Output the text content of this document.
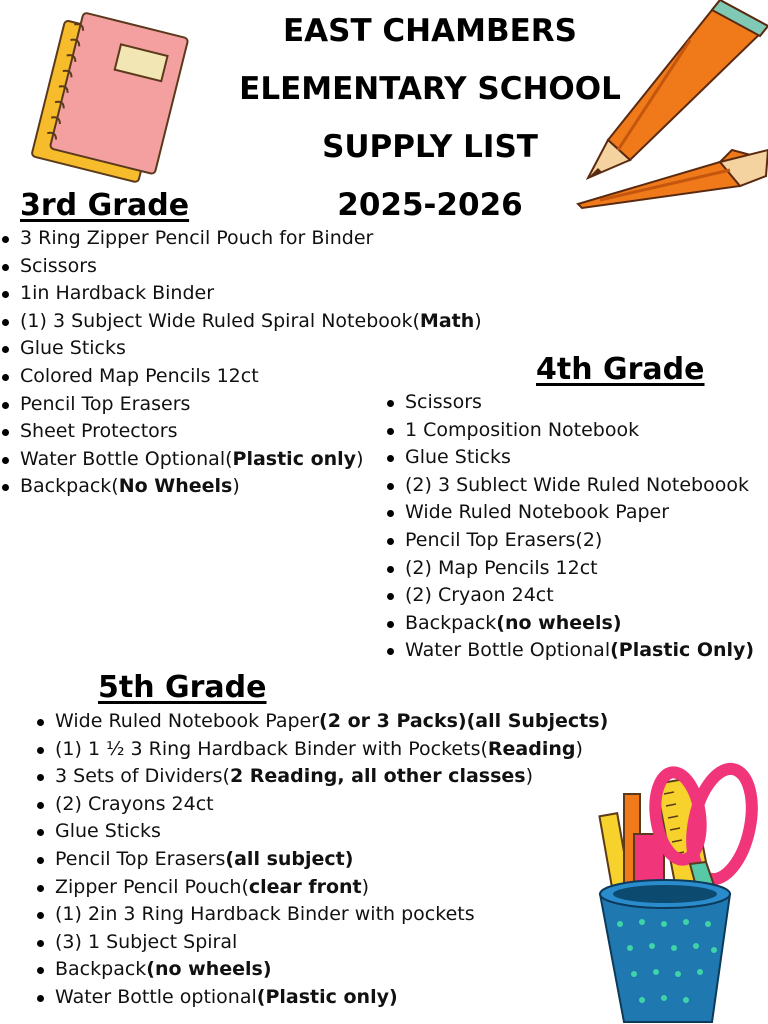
EAST CHAMBERS
ELEMENTARY SCHOOL
SUPPLY LIST
2025-2026
3rd Grade
3 Ring Zipper Pencil Pouch for Binder
Scissors
1in Hardback Binder
(1) 3 Subject Wide Ruled Spiral Notebook(Math)
Glue Sticks
Colored Map Pencils 12ct
Pencil Top Erasers
Sheet Protectors
Water Bottle Optional(Plastic only)
Backpack(No Wheels)
4th Grade
Scissors
1 Composition Notebook
Glue Sticks
(2) 3 Sublect Wide Ruled Noteboook
Wide Ruled Notebook Paper
Pencil Top Erasers(2)
(2) Map Pencils 12ct
(2) Cryaon 24ct
Backpack(no wheels)
Water Bottle Optional(Plastic Only)
5th Grade
Wide Ruled Notebook Paper(2 or 3 Packs)(all Subjects)
(1) 1 ½ 3 Ring Hardback Binder with Pockets(Reading)
3 Sets of Dividers(2 Reading, all other classes)
(2) Crayons 24ct
Glue Sticks
Pencil Top Erasers(all subject)
Zipper Pencil Pouch(clear front)
(1) 2in 3 Ring Hardback Binder with pockets
(3) 1 Subject Spiral
Backpack(no wheels)
Water Bottle optional(Plastic only)
